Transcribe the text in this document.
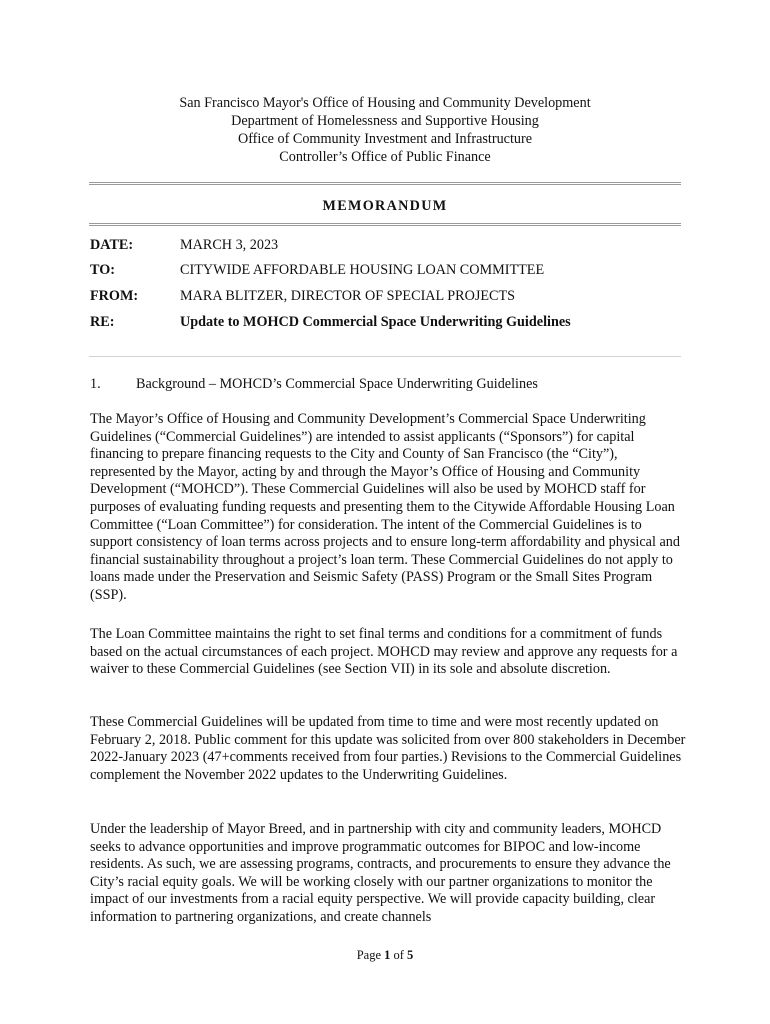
San Francisco Mayor's Office of Housing and Community Development
Department of Homelessness and Supportive Housing
Office of Community Investment and Infrastructure
Controller’s Office of Public Finance
MEMORANDUM
DATE:	MARCH 3, 2023
TO:	CITYWIDE AFFORDABLE HOUSING LOAN COMMITTEE
FROM:	MARA BLITZER, DIRECTOR OF SPECIAL PROJECTS
RE:	Update to MOHCD Commercial Space Underwriting Guidelines
1. Background – MOHCD’s Commercial Space Underwriting Guidelines

The Mayor’s Office of Housing and Community Development’s Commercial Space Underwriting Guidelines (“Commercial Guidelines”) are intended to assist applicants (“Sponsors”) for capital financing to prepare financing requests to the City and County of San Francisco (the “City”), represented by the Mayor, acting by and through the Mayor’s Office of Housing and Community Development (“MOHCD”). These Commercial Guidelines will also be used by MOHCD staff for purposes of evaluating funding requests and presenting them to the Citywide Affordable Housing Loan Committee (“Loan Committee”) for consideration. The intent of the Commercial Guidelines is to support consistency of loan terms across projects and to ensure long-term affordability and physical and financial sustainability throughout a project’s loan term. These Commercial Guidelines do not apply to loans made under the Preservation and Seismic Safety (PASS) Program or the Small Sites Program (SSP).

The Loan Committee maintains the right to set final terms and conditions for a commitment of funds based on the actual circumstances of each project. MOHCD may review and approve any requests for a waiver to these Commercial Guidelines (see Section VII) in its sole and absolute discretion.

These Commercial Guidelines will be updated from time to time and were most recently updated on February 2, 2018. Public comment for this update was solicited from over 800 stakeholders in December 2022-January 2023 (47+comments received from four parties.) Revisions to the Commercial Guidelines complement the November 2022 updates to the Underwriting Guidelines.

Under the leadership of Mayor Breed, and in partnership with city and community leaders, MOHCD seeks to advance opportunities and improve programmatic outcomes for BIPOC and low-income residents. As such, we are assessing programs, contracts, and procurements to ensure they advance the City’s racial equity goals. We will be working closely with our partner organizations to monitor the impact of our investments from a racial equity perspective. We will provide capacity building, clear information to partnering organizations, and create channels

Page 1 of 5
